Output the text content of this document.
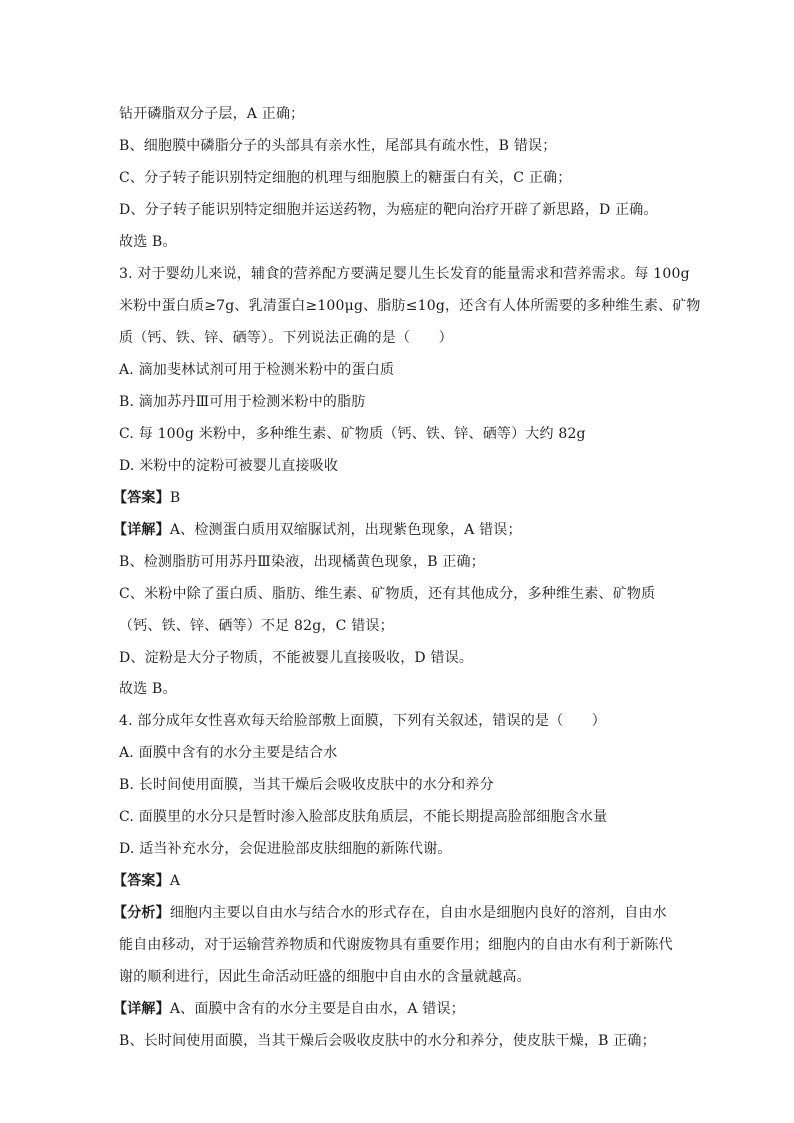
钻开磷脂双分子层，A 正确；
B、细胞膜中磷脂分子的头部具有亲水性，尾部具有疏水性，B 错误；
C、分子转子能识别特定细胞的机理与细胞膜上的糖蛋白有关，C 正确；
D、分子转子能识别特定细胞并运送药物，为癌症的靶向治疗开辟了新思路，D 正确。
故选 B。
3. 对于婴幼儿来说，辅食的营养配方要满足婴儿生长发育的能量需求和营养需求。每 100g
米粉中蛋白质≥7g、乳清蛋白≥100μg、脂肪≤10g，还含有人体所需要的多种维生素、矿物
质（钙、铁、锌、硒等）。下列说法正确的是（　　）
A. 滴加斐林试剂可用于检测米粉中的蛋白质
B. 滴加苏丹Ⅲ可用于检测米粉中的脂肪
C. 每 100g 米粉中，多种维生素、矿物质（钙、铁、锌、硒等）大约 82g
D. 米粉中的淀粉可被婴儿直接吸收
【答案】B
【详解】A、检测蛋白质用双缩脲试剂，出现紫色现象，A 错误；
B、检测脂肪可用苏丹Ⅲ染液，出现橘黄色现象，B 正确；
C、米粉中除了蛋白质、脂肪、维生素、矿物质，还有其他成分，多种维生素、矿物质
（钙、铁、锌、硒等）不足 82g，C 错误；
D、淀粉是大分子物质，不能被婴儿直接吸收，D 错误。
故选 B。
4. 部分成年女性喜欢每天给脸部敷上面膜，下列有关叙述，错误的是（　　）
A. 面膜中含有的水分主要是结合水
B. 长时间使用面膜，当其干燥后会吸收皮肤中的水分和养分
C. 面膜里的水分只是暂时渗入脸部皮肤角质层，不能长期提高脸部细胞含水量
D. 适当补充水分，会促进脸部皮肤细胞的新陈代谢。
【答案】A
【分析】细胞内主要以自由水与结合水的形式存在，自由水是细胞内良好的溶剂，自由水
能自由移动，对于运输营养物质和代谢废物具有重要作用；细胞内的自由水有利于新陈代
谢的顺利进行，因此生命活动旺盛的细胞中自由水的含量就越高。
【详解】A、面膜中含有的水分主要是自由水，A 错误；
B、长时间使用面膜，当其干燥后会吸收皮肤中的水分和养分，使皮肤干燥，B 正确；
